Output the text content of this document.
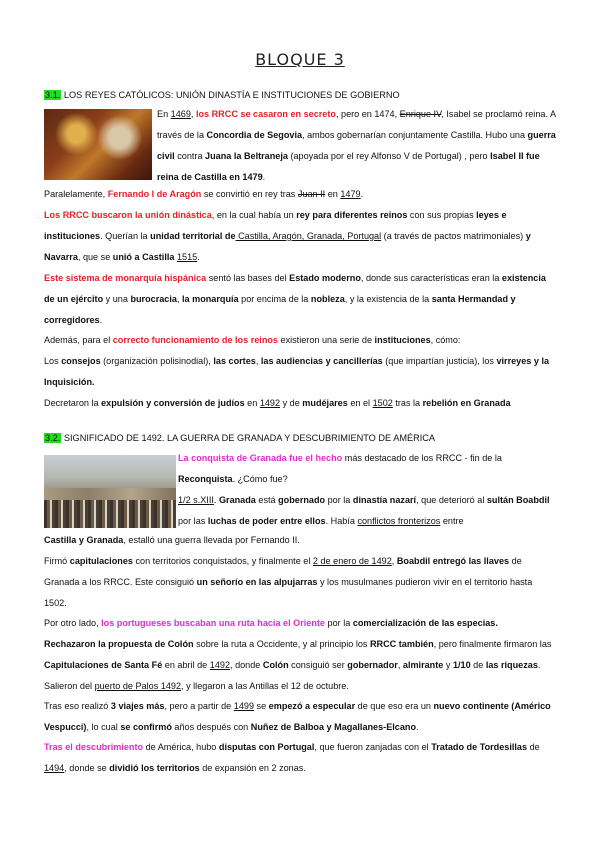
BLOQUE 3
3.1. LOS REYES CATÓLICOS: UNIÓN DINASTÍA E INSTITUCIONES DE GOBIERNO
En 1469, los RRCC se casaron en secreto, pero en 1474, Enrique IV, Isabel se proclamó reina. A través de la Concordia de Segovia, ambos gobernarían conjuntamente Castilla. Hubo una guerra civil contra Juana la Beltraneja (apoyada por el rey Alfonso V de Portugal) , pero Isabel II fue reina de Castilla en 1479.
Paralelamente, Fernando I de Aragón se convirtió en rey tras Juan II en 1479.
Los RRCC buscaron la unión dinástica, en la cual había un rey para diferentes reinos con sus propias leyes e instituciones. Querían la unidad territorial de Castilla, Aragón, Granada, Portugal (a través de pactos matrimoniales) y Navarra, que se unió a Castilla 1515.
Este sistema de monarquía hispánica sentó las bases del Estado moderno, donde sus características eran la existencia de un ejército y una burocracia, la monarquía por encima de la nobleza, y la existencia de la santa Hermandad y corregidores.
Además, para el correcto funcionamiento de los reinos existieron una serie de instituciones, cómo:
Los consejos (organización polisinodial), las cortes, las audiencias y cancillerías (que impartían justicia), los virreyes y la Inquisición.
Decretaron la expulsión y conversión de judíos en 1492 y de mudéjares en el 1502 tras la rebelión en Granada
3.2. SIGNIFICADO DE 1492. LA GUERRA DE GRANADA Y DESCUBRIMIENTO DE AMÉRICA
La conquista de Granada fue el hecho más destacado de los RRCC - fin de la Reconquista. ¿Cómo fue?
1/2 s.XIII. Granada está gobernado por la dinastía nazarí, que deterioró al sultán Boabdil por las luchas de poder entre ellos. Había conflictos fronterizos entre
Castilla y Granada, estalló una guerra llevada por Fernando II.
Firmó capitulaciones con territorios conquistados, y finalmente el 2 de enero de 1492, Boabdil entregó las llaves de Granada a los RRCC. Este consiguió un señorío en las alpujarras y los musulmanes pudieron vivir en el territorio hasta 1502.
Por otro lado, los portugueses buscaban una ruta hacia el Oriente por la comercialización de las especias.
Rechazaron la propuesta de Colón sobre la ruta a Occidente, y al principio los RRCC también, pero finalmente firmaron las Capitulaciones de Santa Fé en abril de 1492, donde Colón consiguió ser gobernador, almirante y 1/10 de las riquezas. Salieron del puerto de Palos 1492, y llegaron a las Antillas el 12 de octubre.
Tras eso realizó 3 viajes más, pero a partir de 1499 se empezó a especular de que eso era un nuevo continente (Américo Vespucci), lo cual se confirmó años después con Nuñez de Balboa y Magallanes-Elcano.
Tras el descubrimiento de América, hubo disputas con Portugal, que fueron zanjadas con el Tratado de Tordesillas de 1494, donde se dividió los territorios de expansión en 2 zonas.
